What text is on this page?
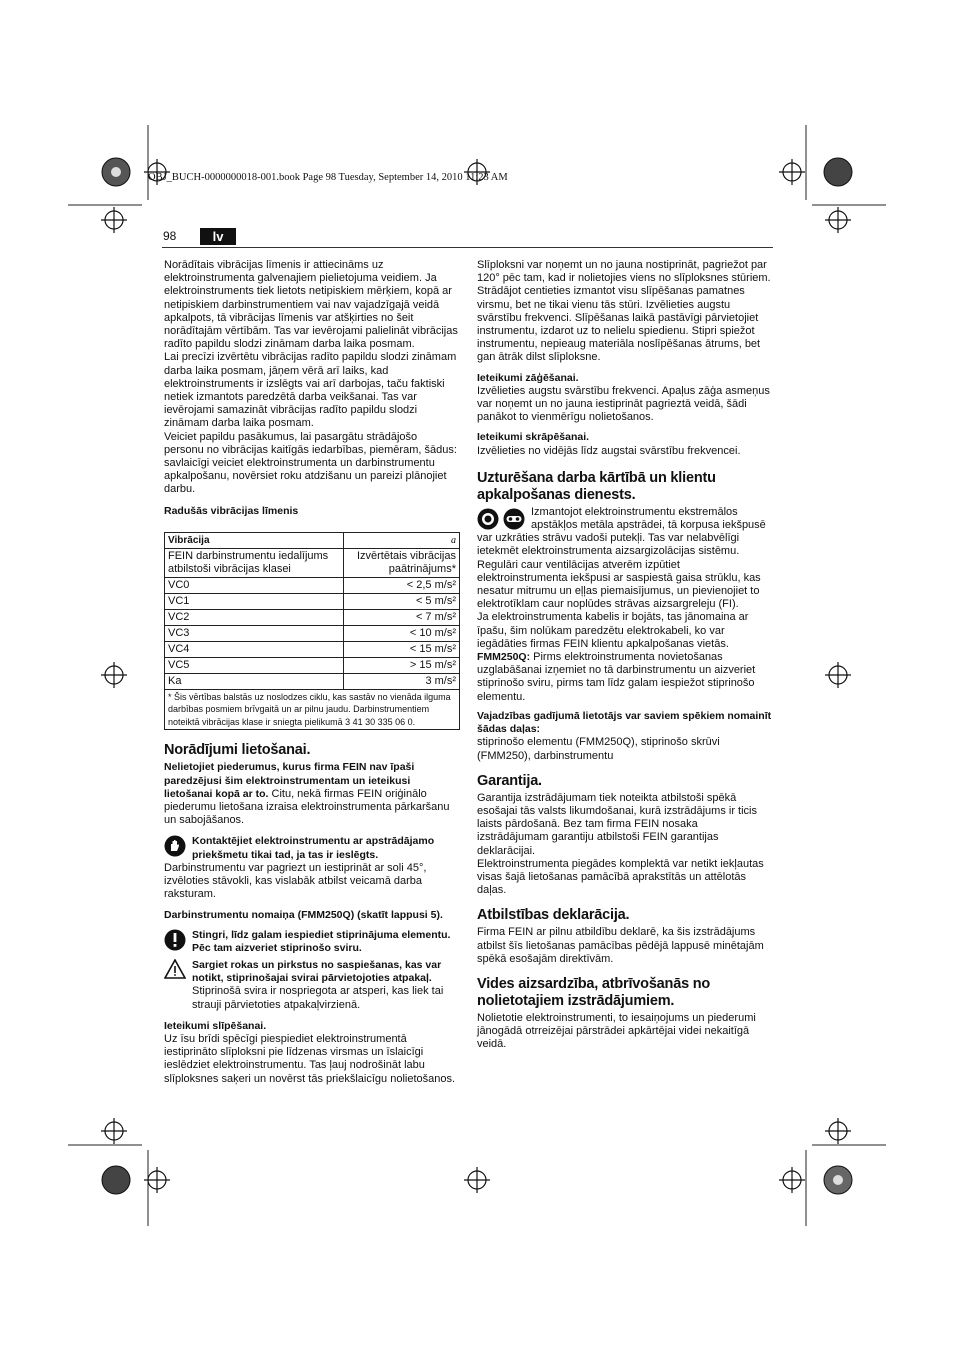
OBJ_BUCH-0000000018-001.book Page 98 Tuesday, September 14, 2010 11:23 AM
98	lv

Norādītais vibrācijas līmenis ir attiecināms uz elektroinstrumenta galvenajiem pielietojuma veidiem. Ja elektroinstruments tiek lietots netipiskiem mērķiem, kopā ar netipiskiem darbinstrumentiem vai nav vajadzīgajā veidā apkalpots, tā vibrācijas līmenis var atšķirties no šeit norādītajām vērtībām. Tas var ievērojami palielināt vibrācijas radīto papildu slodzi zināmam darba laika posmam.

Lai precīzi izvērtētu vibrācijas radīto papildu slodzi zināmam darba laika posmam, jāņem vērā arī laiks, kad elektroinstruments ir izslēgts vai arī darbojas, taču faktiski netiek izmantots paredzētā darba veikšanai. Tas var ievērojami samazināt vibrācijas radīto papildu slodzi zināmam darba laika posmam.

Veiciet papildu pasākumus, lai pasargātu strādājošo personu no vibrācijas kaitīgās iedarbības, piemēram, šādus: savlaicīgi veiciet elektroinstrumenta un darbinstrumentu apkalpošanu, novērsiet roku atdzišanu un pareizi plānojiet darbu.

Radušās vibrācijas līmenis

Vibrācija	a
FEIN darbinstrumentu iedalījums atbilstoši vibrācijas klasei	Izvērtētais vibrācijas paātrinājums*
VC0	< 2,5 m/s²
VC1	< 5 m/s²
VC2	< 7 m/s²
VC3	< 10 m/s²
VC4	< 15 m/s²
VC5	> 15 m/s²
Ka	3 m/s²
* Šis vērtības balstās uz noslodzes ciklu, kas sastāv no vienāda ilguma darbības posmiem brīvgaitā un ar pilnu jaudu. Darbinstrumentiem noteiktā vibrācijas klase ir sniegta pielikumā 3 41 30 335 06 0.	
Norādījumi lietošanai.

Nelietojiet piederumus, kurus firma FEIN nav īpaši paredzējusi šim elektroinstrumentam un ieteikusi lietošanai kopā ar to. Citu, nekā firmas FEIN oriģinālo piederumu lietošana izraisa elektroinstrumenta pārkaršanu un sabojāšanos.

Kontaktējiet elektroinstrumentu ar apstrādājamo priekšmetu tikai tad, ja tas ir ieslēgts.

Darbinstrumentu var pagriezt un iestiprināt ar soli 45°, izvēloties stāvokli, kas vislabāk atbilst veicamā darba raksturam.

Darbinstrumentu nomaiņa (FMM250Q) (skatīt lappusi 5).

Stingri, līdz galam iespiediet stiprinājuma elementu. Pēc tam aizveriet stiprinošo sviru.

Sargiet rokas un pirkstus no saspiešanas, kas var notikt, stiprinošajai svirai pārvietojoties atpakaļ.

Stiprinošā svira ir nospriegota ar atsperi, kas liek tai strauji pārvietoties atpakaļvirzienā.

Ieteikumi slīpēšanai.

Uz īsu brīdi spēcīgi piespiediet elektroinstrumentā iestiprināto slīploksni pie līdzenas virsmas un īslaicīgi ieslēdziet elektroinstrumentu. Tas ļauj nodrošināt labu slīploksnes saķeri un novērst tās priekšlaicīgu nolietošanos.

Slīploksni var noņemt un no jauna nostiprināt, pagriežot par 120° pēc tam, kad ir nolietojies viens no slīploksnes stūriem.

Strādājot centieties izmantot visu slīpēšanas pamatnes virsmu, bet ne tikai vienu tās stūri. Izvēlieties augstu svārstību frekvenci. Slīpēšanas laikā pastāvīgi pārvietojiet instrumentu, izdarot uz to nelielu spiedienu. Stipri spiežot instrumentu, nepieaug materiāla noslīpēšanas ātrums, bet gan ātrāk dilst slīploksne.

Ieteikumi zāģēšanai.

Izvēlieties augstu svārstību frekvenci. Apaļus zāģa asmeņus var noņemt un no jauna iestiprināt pagrieztā veidā, šādi panākot to vienmērīgu nolietošanos.

Ieteikumi skrāpēšanai.

Izvēlieties no vidējās līdz augstai svārstību frekvencei.

Uzturēšana darba kārtībā un klientu apkalpošanas dienests.

Izmantojot elektroinstrumentu ekstremālos apstākļos metāla apstrādei, tā korpusa iekšpusē var uzkrāties strāvu vadoši putekļi. Tas var nelabvēlīgi ietekmēt elektroinstrumenta aizsargizolācijas sistēmu. Regulāri caur ventilācijas atverēm izpūtiet elektroinstrumenta iekšpusi ar saspiestā gaisa strūklu, kas nesatur mitrumu un eļļas piemaisījumus, un pievienojiet to elektrotīklam caur noplūdes strāvas aizsargreleju (FI).

Ja elektroinstrumenta kabelis ir bojāts, tas jānomaina ar īpašu, šim nolūkam paredzētu elektrokabeli, ko var iegādāties firmas FEIN klientu apkalpošanas vietās.

FMM250Q: Pirms elektroinstrumenta novietošanas uzglabāšanai izņemiet no tā darbinstrumentu un aizveriet stiprinošo sviru, pirms tam līdz galam iespiežot stiprinošo elementu.

Vajadzības gadījumā lietotājs var saviem spēkiem nomainīt šādas daļas:

stiprinošo elementu (FMM250Q), stiprinošo skrūvi (FMM250), darbinstrumentu

Garantija.

Garantija izstrādājumam tiek noteikta atbilstoši spēkā esošajai tās valsts likumdošanai, kurā izstrādājums ir ticis laists pārdošanā. Bez tam firma FEIN nosaka izstrādājumam garantiju atbilstoši FEIN garantijas deklarācijai.

Elektroinstrumenta piegādes komplektā var netikt iekļautas visas šajā lietošanas pamācībā aprakstītās un attēlotās daļas.

Atbilstības deklarācija.

Firma FEIN ar pilnu atbildību deklarē, ka šis izstrādājums atbilst šīs lietošanas pamācības pēdējā lappusē minētajām spēkā esošajām direktīvām.

Vides aizsardzība, atbrīvošanās no nolietotajiem izstrādājumiem.

Nolietotie elektroinstrumenti, to iesaiņojums un piederumi jānogādā otrreizējai pārstrādei apkārtējai videi nekaitīgā veidā.
